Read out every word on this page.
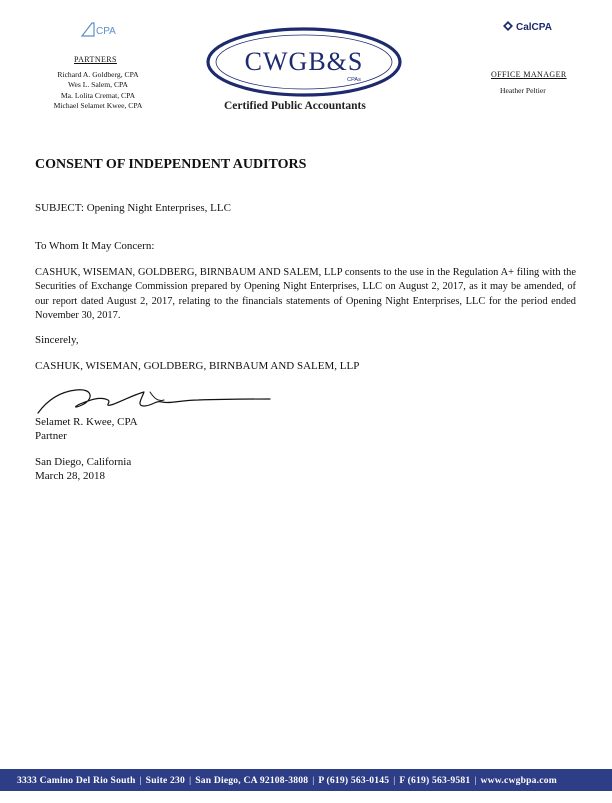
CPA
PARTNERS
Richard A. Goldberg, CPA
Wes L. Salem, CPA
Ma. Lolita Cremat, CPA
Michael Selamet Kwee, CPA
CWGB&S
CPAs
Certified Public Accountants
CalCPA
OFFICE MANAGER
Heather Peltier
CONSENT OF INDEPENDENT AUDITORS
SUBJECT: Opening Night Enterprises, LLC
To Whom It May Concern:
CASHUK, WISEMAN, GOLDBERG, BIRNBAUM AND SALEM, LLP consents to the use in the Regulation A+ filing with the Securities of Exchange Commission prepared by Opening Night Enterprises, LLC on August 2, 2017, as it may be amended, of our report dated August 2, 2017, relating to the financials statements of Opening Night Enterprises, LLC for the period ended November 30, 2017.
Sincerely,
CASHUK, WISEMAN, GOLDBERG, BIRNBAUM AND SALEM, LLP
Selamet R. Kwee, CPA
Partner
San Diego, California
March 28, 2018
3333 Camino Del Rio South | Suite 230 | San Diego, CA 92108-3808 | P (619) 563-0145 | F (619) 563-9581 | www.cwgbpa.com
